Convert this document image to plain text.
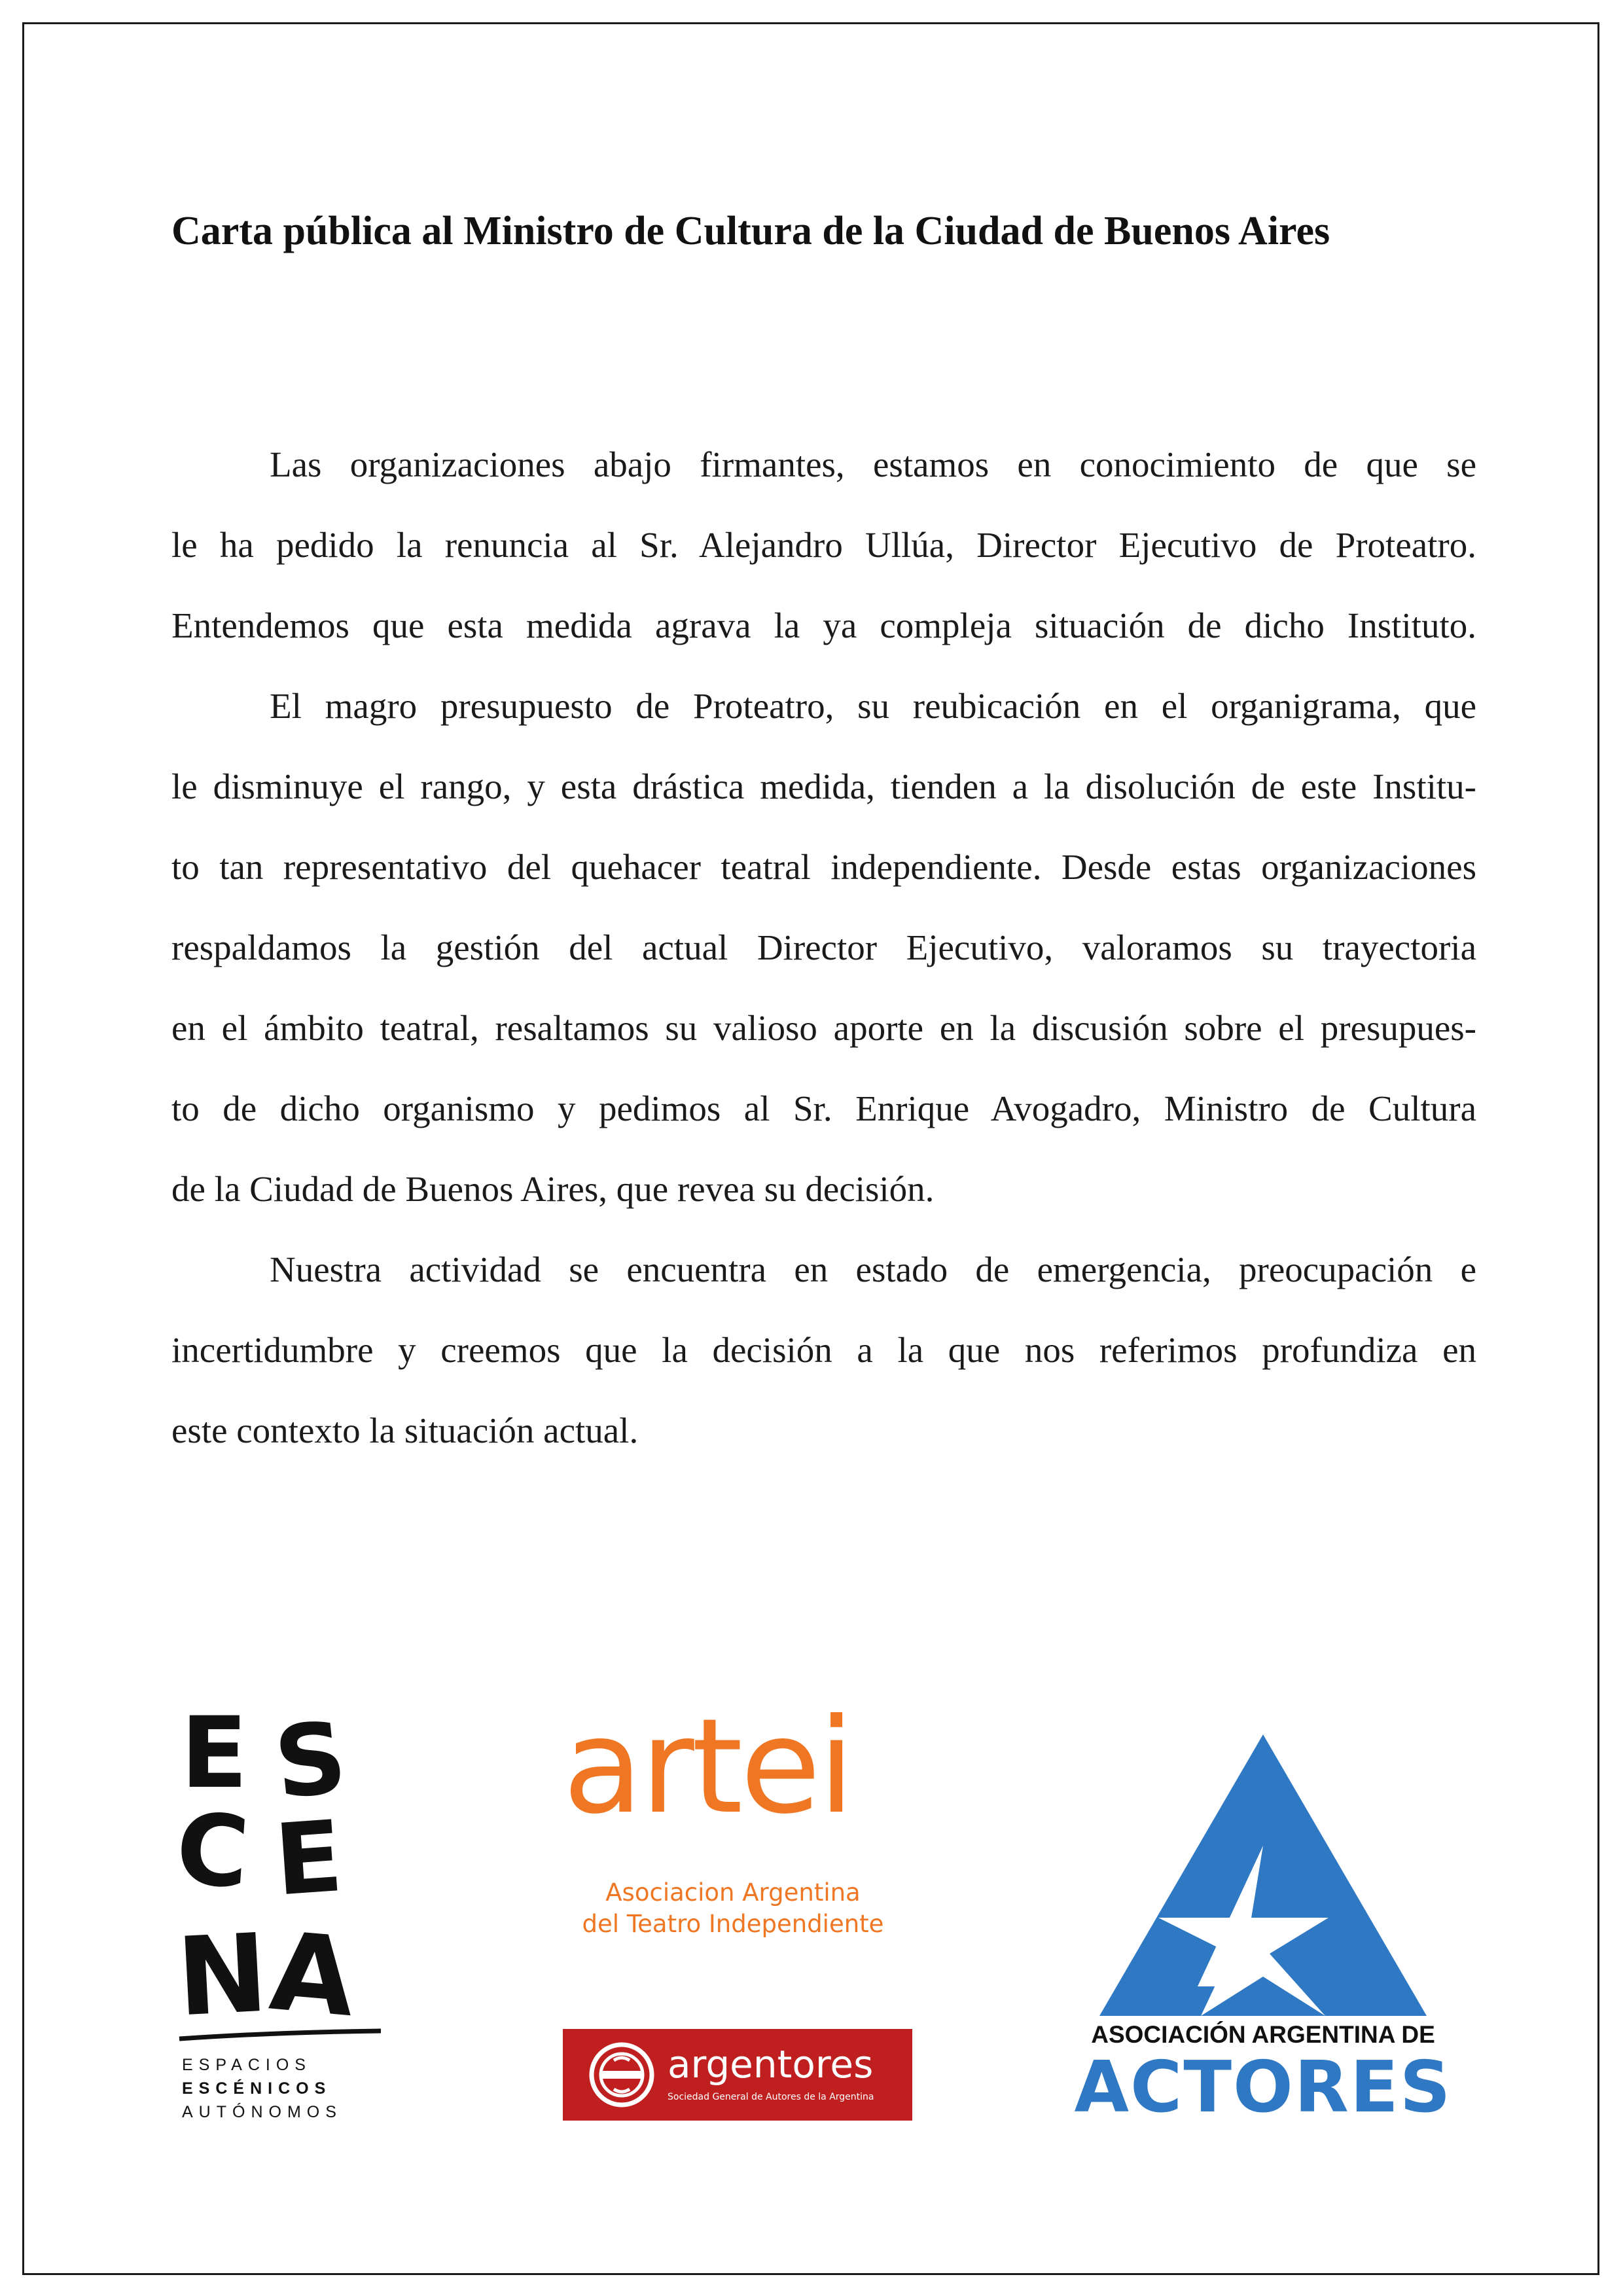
Carta pública al Ministro de Cultura de la Ciudad de Buenos Aires
Las organizaciones abajo firmantes, estamos en conocimiento de que se
le ha pedido la renuncia al Sr. Alejandro Ullúa, Director Ejecutivo de Proteatro.
Entendemos que esta medida agrava la ya compleja situación de dicho Instituto.
El magro presupuesto de Proteatro, su reubicación en el organigrama, que
le disminuye el rango, y esta drástica medida, tienden a la disolución de este Institu-
to tan representativo del quehacer teatral independiente. Desde estas organizaciones
respaldamos la gestión del actual Director Ejecutivo, valoramos su trayectoria
en el ámbito teatral, resaltamos su valioso aporte en la discusión sobre el presupues-
to de dicho organismo y pedimos al Sr. Enrique Avogadro, Ministro de Cultura
de la Ciudad de Buenos Aires, que revea su decisión.
Nuestra actividad se encuentra en estado de emergencia, preocupación e
incertidumbre y creemos que la decisión a la que nos referimos profundiza en
este contexto la situación actual.
E S
C E
N
A
ESPACIOS
ESCÉNICOS
AUTÓNOMOS
artei
Asociacion Argentina
del Teatro Independiente
argentores
Sociedad General de Autores de la Argentina
ASOCIACIÓN ARGENTINA DE
ACTORES
